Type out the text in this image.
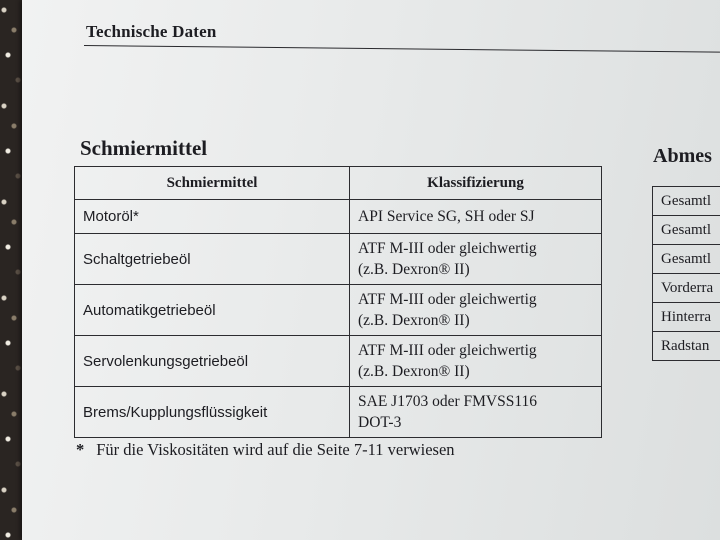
Technische Daten
Schmiermittel
Schmiermittel	Klassifizierung
Motoröl*	API Service SG, SH oder SJ

Schaltgetriebeöl	ATF M-III oder gleichwertig
(z.B. Dexron® II)

Automatikgetriebeöl	ATF M-III oder gleichwertig
(z.B. Dexron® II)

Servolenkungsgetriebeöl	ATF M-III oder gleichwertig
(z.B. Dexron® II)

Brems/Kupplungsflüssigkeit	SAE J1703 oder FMVSS116
DOT-3
* Für die Viskositäten wird auf die Seite 7-11 verwiesen
Abmes
Gesamtl
Gesamtl
Gesamtl
Vorderra
Hinterra
Radstan
